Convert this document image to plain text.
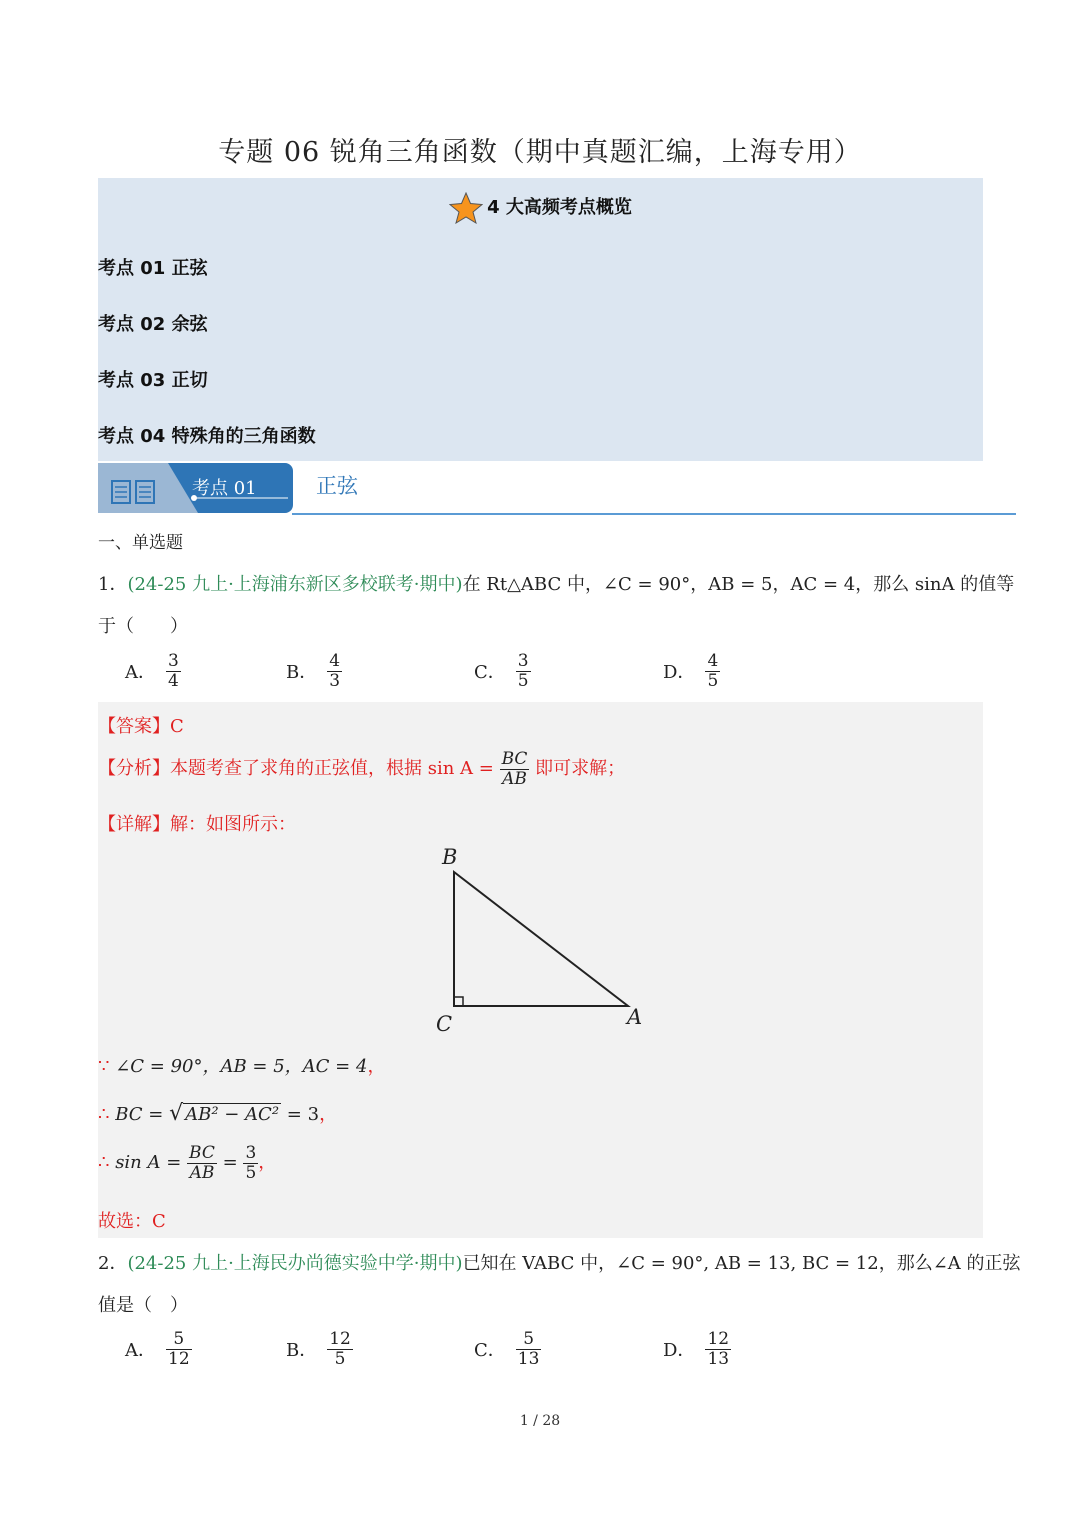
专题 06 锐角三角函数（期中真题汇编，上海专用）
4 大高频考点概览
考点 01 正弦
考点 02 余弦
考点 03 正切
考点 04 特殊角的三角函数
考点 01	正弦
一、单选题
1．(24-25 九上·上海浦东新区多校联考·期中)在 Rt△ABC 中，∠C = 90°，AB = 5，AC = 4，那么 sinA 的值等
于（　　）
A． $\frac{3}{4}$	B． $\frac{4}{3}$	C． $\frac{3}{5}$	D． $\frac{4}{5}$
【答案】C
【分析】本题考查了求角的正弦值，根据 $\sin A = \frac{BC}{AB}$ 即可求解；
【详解】解：如图所示：
B
C	A
∵ ∠C = 90°，AB = 5，AC = 4，
∴ BC = √ AB² − AC² = 3，
∴ $\sin A = \frac{BC}{AB} = \frac{3}{5}$ ，
故选：C
2．(24-25 九上·上海民办尚德实验中学·期中)已知在 VABC 中，∠C = 90°, AB = 13, BC = 12，那么∠A 的正弦
值是（　）
A． $\frac{5}{12}$	B． $\frac{12}{5}$	C． $\frac{5}{13}$	D． $\frac{12}{13}$
1 / 28
